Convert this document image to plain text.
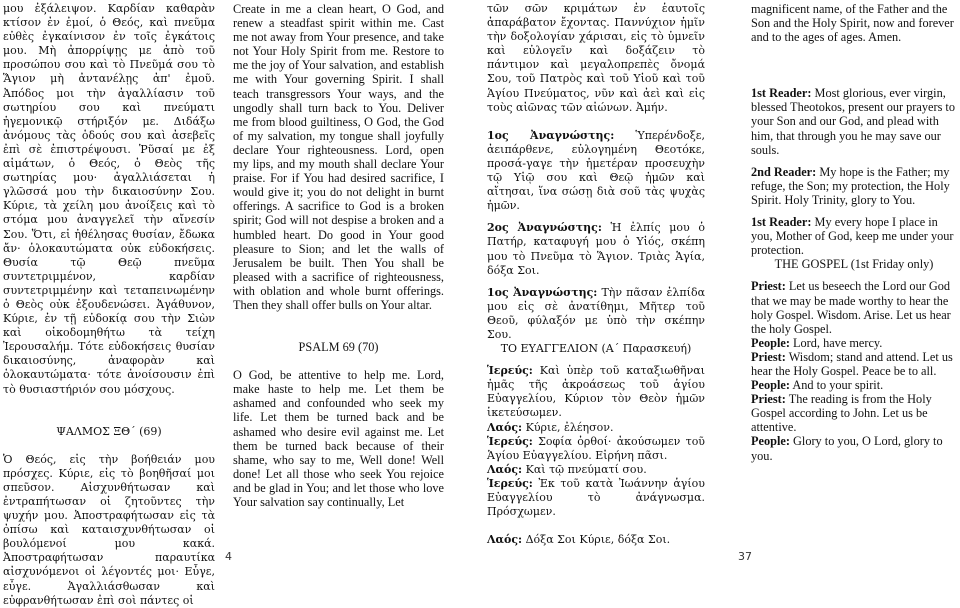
μου ἐξάλειψον. Καρδίαν καθαρὰν κτίσον ἐν ἐμοί, ὁ Θεός, καὶ πνεῦμα εὐθὲς ἐγκαίνισον ἐν τοῖς ἐγκάτοις μου. Μὴ ἀπορρίψῃς με ἀπὸ τοῦ προσώπου σου καὶ τὸ Πνεῦμά σου τὸ Ἅγιον μὴ ἀντανέλῃς ἀπ' ἐμοῦ. Ἀπόδος μοι τὴν ἀγαλλίασιν τοῦ σωτηρίου σου καὶ πνεύματι ἡγεμονικῷ στήριξόν με. Διδάξω ἀνόμους τὰς ὁδούς σου καὶ ἀσεβεῖς ἐπὶ σὲ ἐπιστρέψουσι. Ῥῦσαί με ἐξ αἱμάτων, ὁ Θεός, ὁ Θεὸς τῆς σωτηρίας μου· ἀγαλλιάσεται ἡ γλῶσσά μου τὴν δικαιοσύνην Σου. Κύριε, τὰ χείλη μου ἀνοίξεις καὶ τὸ στόμα μου ἀναγγελεῖ τὴν αἴνεσίν Σου. Ὅτι, εἰ ἠθέλησας θυσίαν, ἔδωκα ἄν· ὁλοκαυτώματα οὐκ εὐδοκήσεις. Θυσία τῷ Θεῷ πνεῦμα συντετριμμένον, καρδίαν συντετριμμένην καὶ τεταπεινωμένην ὁ Θεὸς οὐκ ἐξουδενώσει. Ἀγάθυνον, Κύριε, ἐν τῇ εὐδοκίᾳ σου τὴν Σιὼν καὶ οἰκοδομηθήτω τὰ τείχη Ἰερουσαλήμ. Τότε εὐδοκήσεις θυσίαν δικαιοσύνης, ἀναφορὰν καὶ ὁλοκαυτώματα· τότε ἀνοίσουσιν ἐπὶ τὸ θυσιαστήριόν σου μόσχους.

ΨΑΛΜΟΣ ΞΘ΄ (69)

Ὁ Θεός, εἰς τὴν βοήθειάν μου πρόσχες. Κύριε, εἰς τὸ βοηθῆσαί μοι σπεῦσον. Αἰσχυνθήτωσαν καὶ ἐντραπήτωσαν οἱ ζητοῦντες τὴν ψυχήν μου. Ἀποστραφήτωσαν εἰς τὰ ὀπίσω καὶ καταισχυνθήτωσαν οἱ βουλόμενοί μου κακά. Ἀποστραφήτωσαν παραυτίκα αἰσχυνόμενοι οἱ λέγοντές μοι· Εὖγε, εὖγε. Ἀγαλλιάσθωσαν καὶ εὐφρανθήτωσαν ἐπὶ σοὶ πάντες οἱ

Create in me a clean heart, O God, and renew a steadfast spirit within me. Cast me not away from Your presence, and take not Your Holy Spirit from me. Restore to me the joy of Your salvation, and establish me with Your governing Spirit. I shall teach transgressors Your ways, and the ungodly shall turn back to You. Deliver me from blood guiltiness, O God, the God of my salvation, my tongue shall joyfully declare Your righteousness. Lord, open my lips, and my mouth shall declare Your praise. For if You had desired sacrifice, I would give it; you do not delight in burnt offerings. A sacrifice to God is a broken spirit; God will not despise a broken and a humbled heart. Do good in Your good pleasure to Sion; and let the walls of Jerusalem be built. Then You shall be pleased with a sacrifice of righteousness, with oblation and whole burnt offerings. Then they shall offer bulls on Your altar.

PSALM 69 (70)

O God, be attentive to help me. Lord, make haste to help me. Let them be ashamed and confounded who seek my life. Let them be turned back and be ashamed who desire evil against me. Let them be turned back because of their shame, who say to me, Well done! Well done! Let all those who seek You rejoice and be glad in You; and let those who love Your salvation say continually, Let

4

τῶν σῶν κριμάτων ἐν ἑαυτοῖς ἀπαράβατον ἔχοντας. Παννύχιον ἡμῖν τὴν δοξολογίαν χάρισαι, εἰς τὸ ὑμνεῖν καὶ εὐλογεῖν καὶ δοξάζειν τὸ πάντιμον καὶ μεγαλοπρεπὲς ὄνομά Σου, τοῦ Πατρὸς καὶ τοῦ Υἱοῦ καὶ τοῦ Ἁγίου Πνεύματος, νῦν καὶ ἀεὶ καὶ εἰς τοὺς αἰῶνας τῶν αἰώνων. Ἀμήν.

1ος Ἀναγνώστης: Ὑπερένδοξε, ἀειπάρθενε, εὐλογημένη Θεοτόκε, προσά-γαγε τὴν ἡμετέραν προσευχὴν τῷ Υἱῷ σου καὶ Θεῷ ἡμῶν καὶ αἴτησαι, ἵνα σώσῃ διὰ σοῦ τὰς ψυχὰς ἡμῶν.

2ος Ἀναγνώστης: Ἡ ἐλπίς μου ὁ Πατήρ, καταφυγή μου ὁ Υἱός, σκέπη μου τὸ Πνεῦμα τὸ Ἅγιον. Τριὰς Ἁγία, δόξα Σοι.

1ος Ἀναγνώστης: Τὴν πᾶσαν ἐλπίδα μου εἰς σὲ ἀνατίθημι, Μῆτερ τοῦ Θεοῦ, φύλαξόν με ὑπὸ τὴν σκέπην Σου.

ΤΟ ΕΥΑΓΓΕΛΙΟΝ (Α΄ Παρασκευή)

Ἱερεύς: Καὶ ὑπὲρ τοῦ καταξιωθῆναι ἡμᾶς τῆς ἀκροάσεως τοῦ ἁγίου Εὐαγγελίου, Κύριον τὸν Θεὸν ἡμῶν ἱκετεύσωμεν.

Λαός: Κύριε, ἐλέησον.

Ἱερεύς: Σοφία ὀρθοί· ἀκούσωμεν τοῦ Ἁγίου Εὐαγγελίου. Εἰρήνη πᾶσι.

Λαός: Καὶ τῷ πνεύματί σου.

Ἱερεύς: Ἐκ τοῦ κατὰ Ἰωάννην ἁγίου Εὐαγγελίου τὸ ἀνάγνωσμα. Πρόσχωμεν.

Λαός: Δόξα Σοι Κύριε, δόξα Σοι.

magnificent name, of the Father and the Son and the Holy Spirit, now and forever and to the ages of ages. Amen.

1st Reader: Most glorious, ever virgin, blessed Theotokos, present our prayers to your Son and our God, and plead with him, that through you he may save our souls.

2nd Reader: My hope is the Father; my refuge, the Son; my protection, the Holy Spirit. Holy Trinity, glory to You.

1st Reader: My every hope I place in you, Mother of God, keep me under your protection.

THE GOSPEL (1st Friday only)

Priest: Let us beseech the Lord our God that we may be made worthy to hear the holy Gospel. Wisdom. Arise. Let us hear the holy Gospel.

People: Lord, have mercy.

Priest: Wisdom; stand and attend. Let us hear the Holy Gospel. Peace be to all.

People: And to your spirit.

Priest: The reading is from the Holy Gospel according to John. Let us be attentive.

People: Glory to you, O Lord, glory to you.

37
